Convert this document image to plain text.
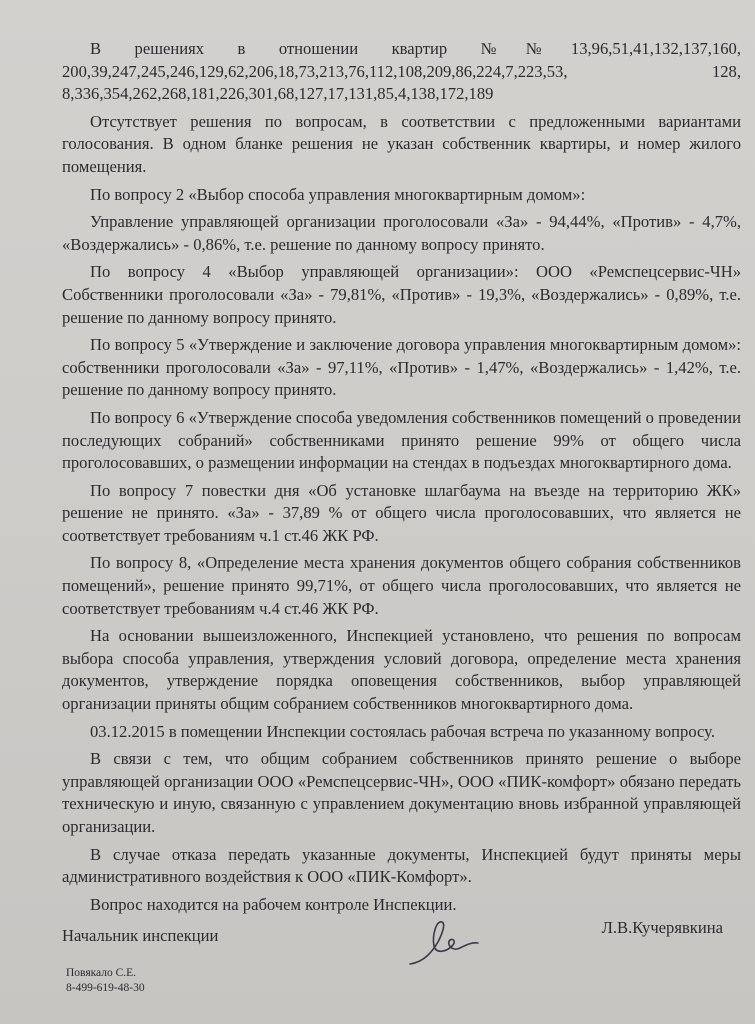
В решениях в отношении квартир №№13,96,51,41,132,137,160, 200,39,247,245,246,129,62,206,18,73,213,76,112,108,209,86,224,7,223,53, 128, 8,336,354,262,268,181,226,301,68,127,17,131,85,4,138,172,189

Отсутствует решения по вопросам, в соответствии с предложенными вариантами голосования. В одном бланке решения не указан собственник квартиры, и номер жилого помещения.

По вопросу 2 «Выбор способа управления многоквартирным домом»:

Управление управляющей организации проголосовали «За» - 94,44%, «Против» - 4,7%, «Воздержались» - 0,86%, т.е. решение по данному вопросу принято.

По вопросу 4 «Выбор управляющей организации»: ООО «Ремспецсервис-ЧН» Собственники проголосовали «За» - 79,81%, «Против» - 19,3%, «Воздержались» - 0,89%, т.е. решение по данному вопросу принято.

По вопросу 5 «Утверждение и заключение договора управления многоквартирным домом»: собственники проголосовали «За» - 97,11%, «Против» - 1,47%, «Воздержались» - 1,42%, т.е. решение по данному вопросу принято.

По вопросу 6 «Утверждение способа уведомления собственников помещений о проведении последующих собраний» собственниками принято решение 99% от общего числа проголосовавших, о размещении информации на стендах в подъездах многоквартирного дома.

По вопросу 7 повестки дня «Об установке шлагбаума на въезде на территорию ЖК» решение не принято. «За» - 37,89 % от общего числа проголосовавших, что является не соответствует требованиям ч.1 ст.46 ЖК РФ.

По вопросу 8, «Определение места хранения документов общего собрания собственников помещений», решение принято 99,71%, от общего числа проголосовавших, что является не соответствует требованиям ч.4 ст.46 ЖК РФ.

На основании вышеизложенного, Инспекцией установлено, что решения по вопросам выбора способа управления, утверждения условий договора, определение места хранения документов, утверждение порядка оповещения собственников, выбор управляющей организации приняты общим собранием собственников многоквартирного дома.

03.12.2015 в помещении Инспекции состоялась рабочая встреча по указанному вопросу.

В связи с тем, что общим собранием собственников принято решение о выборе управляющей организации ООО «Ремспецсервис-ЧН», ООО «ПИК-комфорт» обязано передать техническую и иную, связанную с управлением документацию вновь избранной управляющей организации.

В случае отказа передать указанные документы, Инспекцией будут приняты меры административного воздействия к ООО «ПИК-Комфорт».

Вопрос находится на рабочем контроле Инспекции.

Начальник инспекции	Л.В.Кучерявкина
Повякало С.Е.
8-499-619-48-30
